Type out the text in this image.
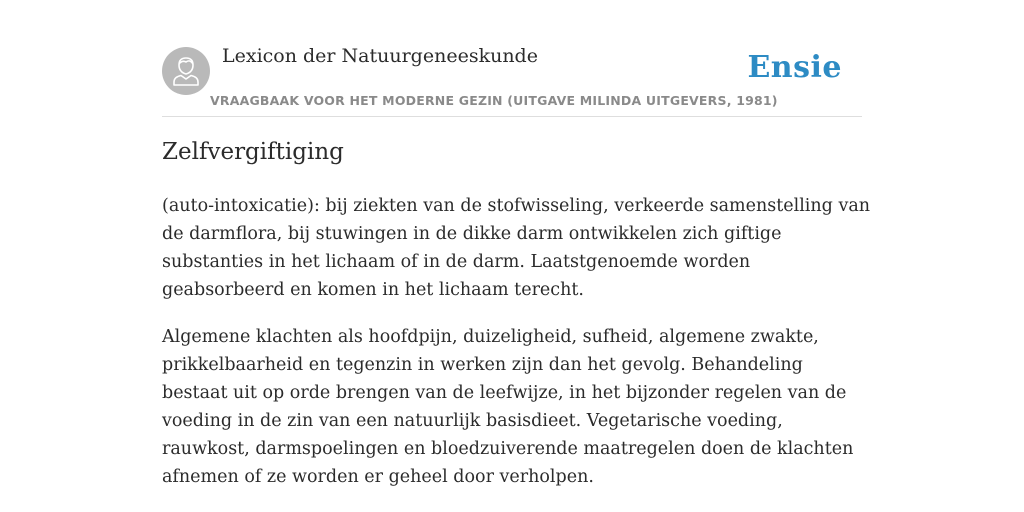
Lexicon der Natuurgeneeskunde
VRAAGBAAK VOOR HET MODERNE GEZIN (UITGAVE MILINDA UITGEVERS, 1981)
Ensie
Zelfvergiftiging

(auto-intoxicatie): bij ziekten van de stofwisseling, verkeerde samenstelling van de darmflora, bij stuwingen in de dikke darm ontwikkelen zich giftige substanties in het lichaam of in de darm. Laatstgenoemde worden geabsorbeerd en komen in het lichaam terecht.

Algemene klachten als hoofdpijn, duizeligheid, sufheid, algemene zwakte, prikkelbaarheid en tegenzin in werken zijn dan het gevolg. Behandeling bestaat uit op orde brengen van de leefwijze, in het bijzonder regelen van de voeding in de zin van een natuurlijk basisdieet. Vegetarische voeding, rauwkost, darmspoelingen en bloedzuiverende maatregelen doen de klachten afnemen of ze worden er geheel door verholpen.
